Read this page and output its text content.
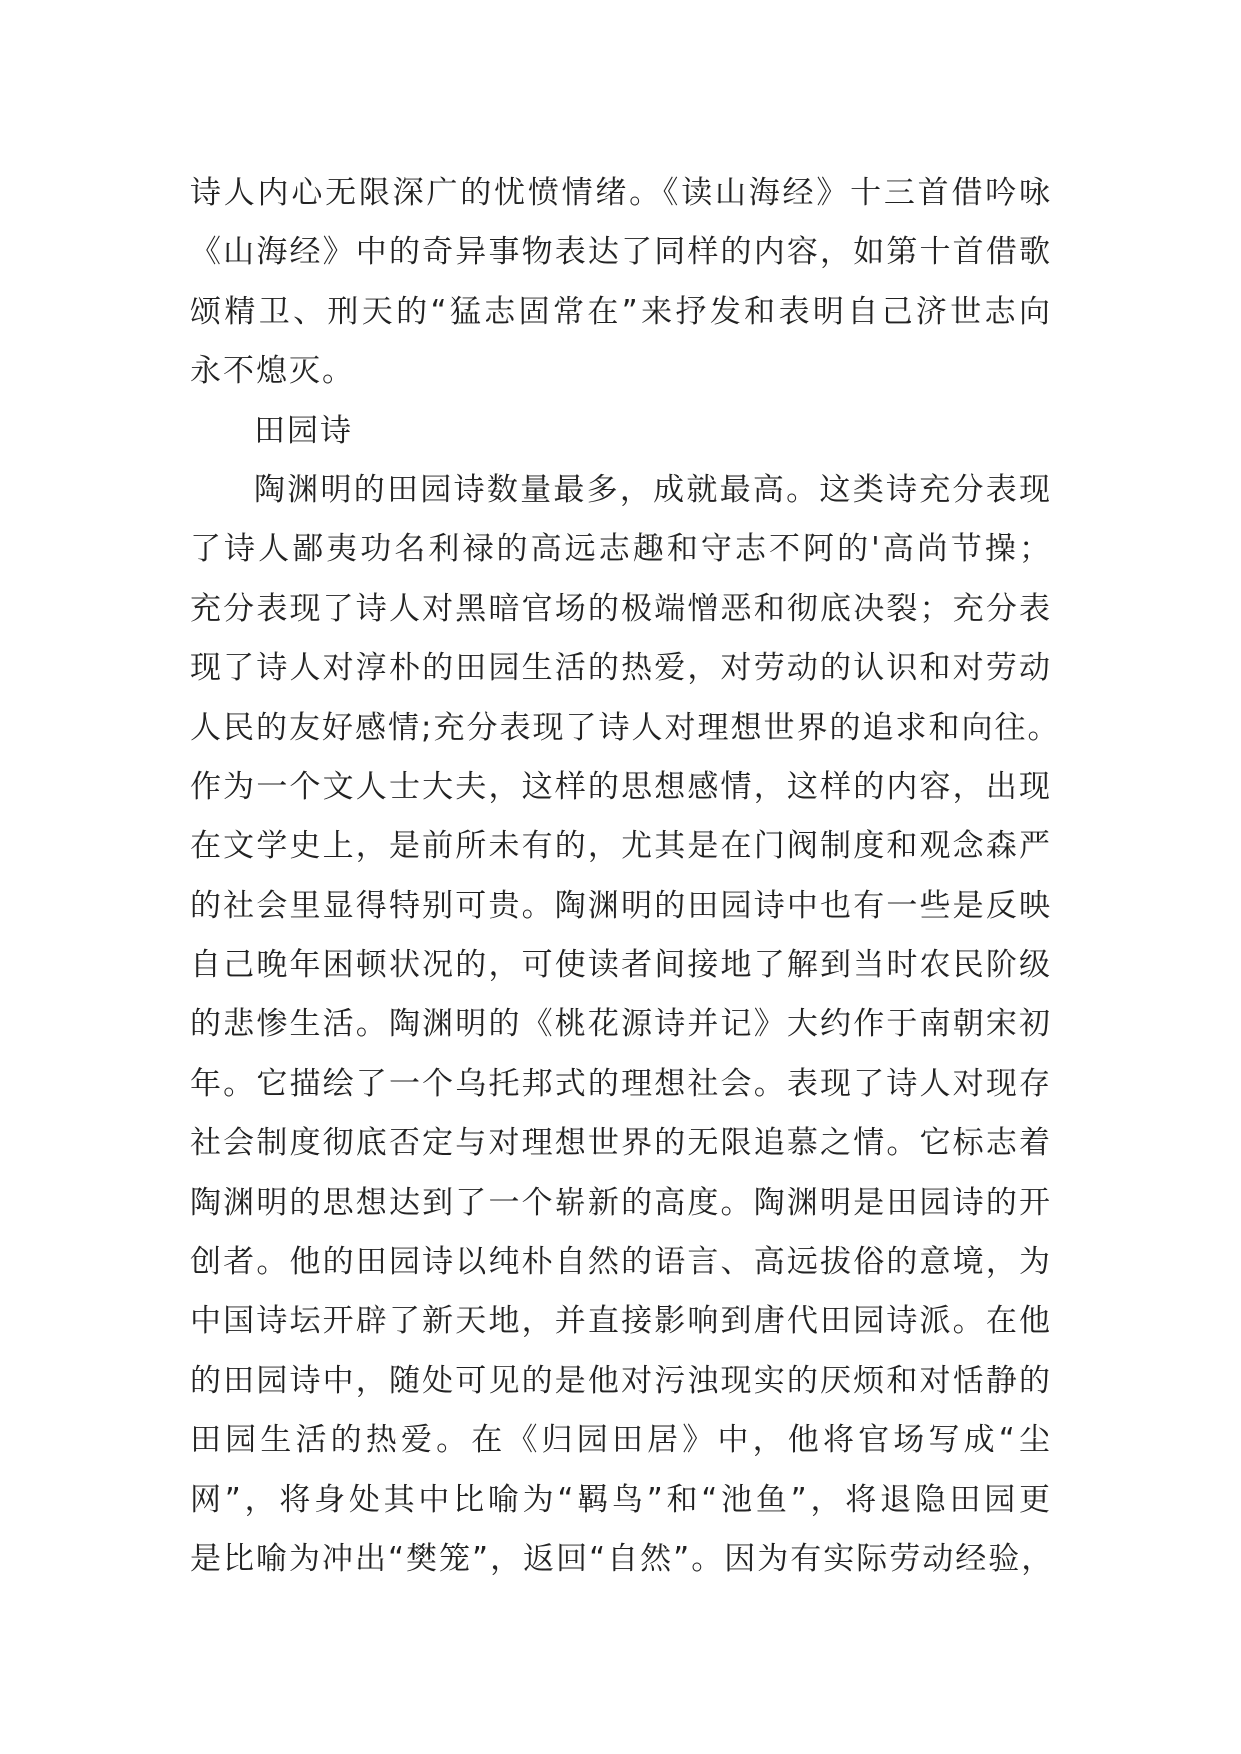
诗人内心无限深广的忧愤情绪。《读山海经》十三首借吟咏
《山海经》中的奇异事物表达了同样的内容，如第十首借歌
颂精卫、刑天的“猛志固常在”来抒发和表明自己济世志向
永不熄灭。
田园诗
陶渊明的田园诗数量最多，成就最高。这类诗充分表现
了诗人鄙夷功名利禄的高远志趣和守志不阿的'高尚节操；
充分表现了诗人对黑暗官场的极端憎恶和彻底决裂；充分表
现了诗人对淳朴的田园生活的热爱，对劳动的认识和对劳动
人民的友好感情;充分表现了诗人对理想世界的追求和向往。
作为一个文人士大夫，这样的思想感情，这样的内容，出现
在文学史上，是前所未有的，尤其是在门阀制度和观念森严
的社会里显得特别可贵。陶渊明的田园诗中也有一些是反映
自己晚年困顿状况的，可使读者间接地了解到当时农民阶级
的悲惨生活。陶渊明的《桃花源诗并记》大约作于南朝宋初
年。它描绘了一个乌托邦式的理想社会。表现了诗人对现存
社会制度彻底否定与对理想世界的无限追慕之情。它标志着
陶渊明的思想达到了一个崭新的高度。陶渊明是田园诗的开
创者。他的田园诗以纯朴自然的语言、高远拔俗的意境，为
中国诗坛开辟了新天地，并直接影响到唐代田园诗派。在他
的田园诗中，随处可见的是他对污浊现实的厌烦和对恬静的
田园生活的热爱。在《归园田居》中，他将官场写成“尘
网”，将身处其中比喻为“羁鸟”和“池鱼”，将退隐田园更
是比喻为冲出“樊笼”，返回“自然”。因为有实际劳动经验，
